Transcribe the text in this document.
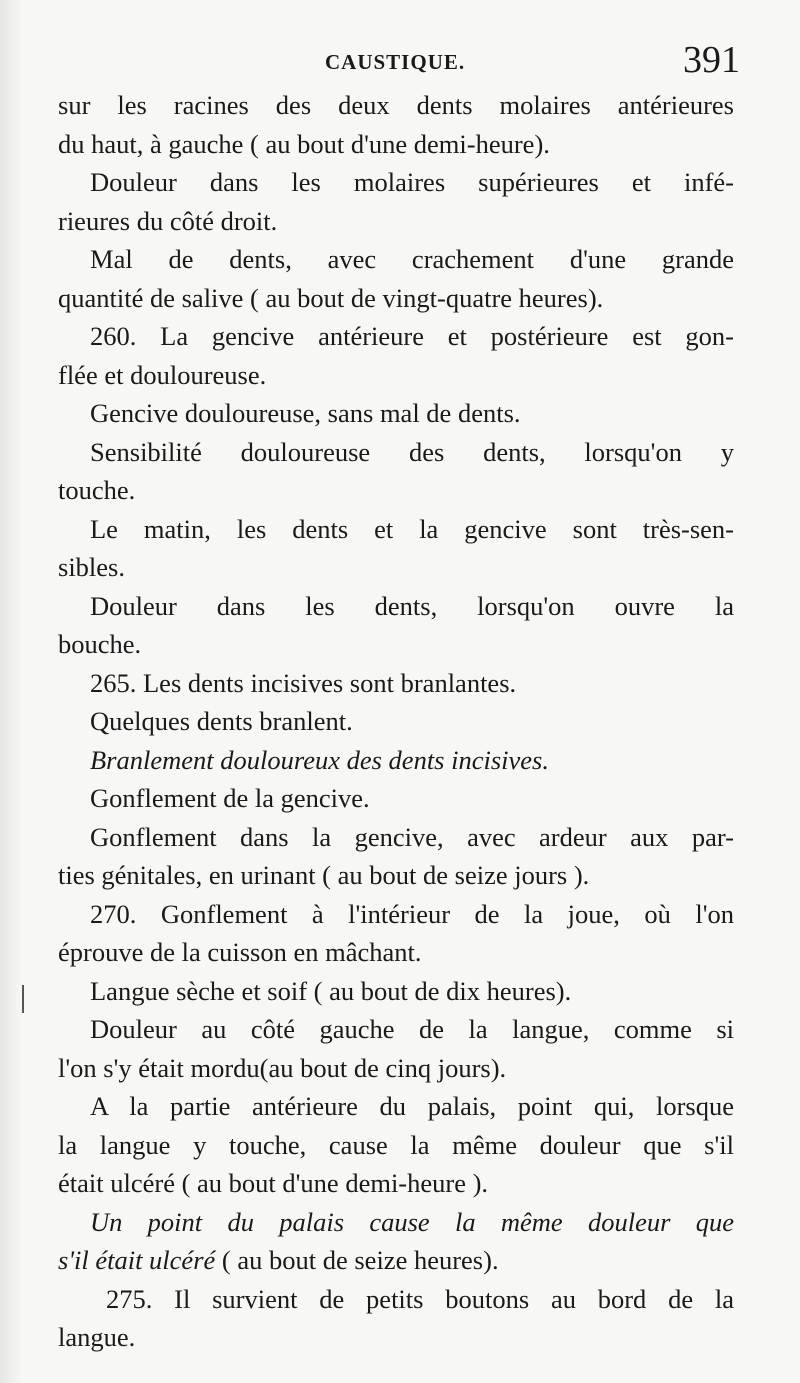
CAUSTIQUE.	391
sur les racines des deux dents molaires antérieures
du haut, à gauche ( au bout d'une demi-heure).
Douleur dans les molaires supérieures et infé-
rieures du côté droit.
Mal de dents, avec crachement d'une grande
quantité de salive ( au bout de vingt-quatre heures).
260. La gencive antérieure et postérieure est gon-
flée et douloureuse.
Gencive douloureuse, sans mal de dents.
Sensibilité douloureuse des dents, lorsqu'on y
touche.
Le matin, les dents et la gencive sont très-sen-
sibles.
Douleur dans les dents, lorsqu'on ouvre la
bouche.
265. Les dents incisives sont branlantes.
Quelques dents branlent.
Branlement douloureux des dents incisives.
Gonflement de la gencive.
Gonflement dans la gencive, avec ardeur aux par-
ties génitales, en urinant ( au bout de seize jours ).
270. Gonflement à l'intérieur de la joue, où l'on
éprouve de la cuisson en mâchant.
Langue sèche et soif ( au bout de dix heures).
Douleur au côté gauche de la langue, comme si
l'on s'y était mordu(au bout de cinq jours).
A la partie antérieure du palais, point qui, lorsque
la langue y touche, cause la même douleur que s'il
était ulcéré ( au bout d'une demi-heure ).
Un point du palais cause la même douleur que
s'il était ulcéré ( au bout de seize heures).
275. Il survient de petits boutons au bord de la
langue.
